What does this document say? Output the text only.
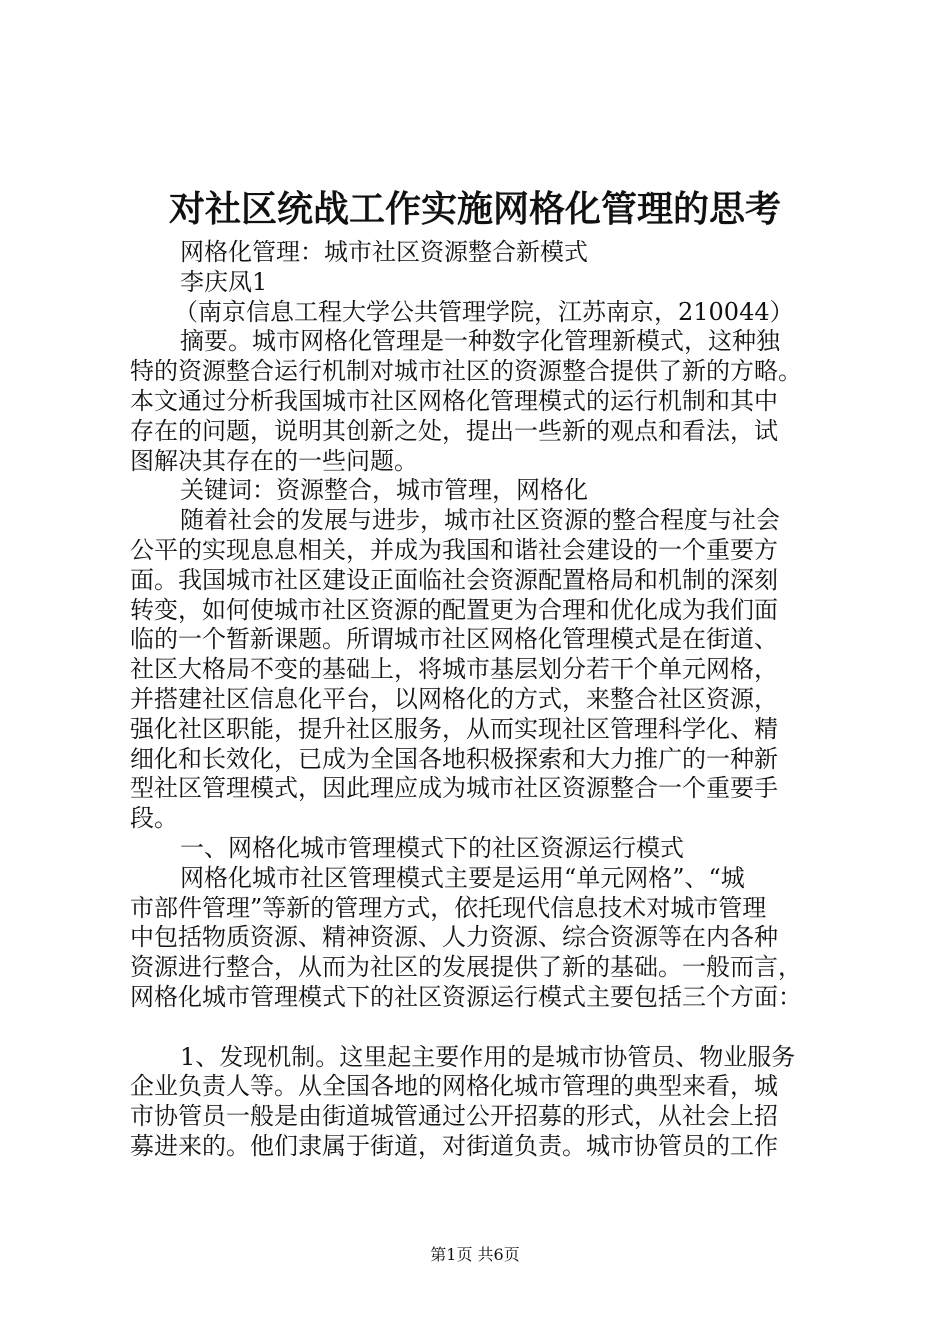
对社区统战工作实施网格化管理的思考
网格化管理：城市社区资源整合新模式
李庆凤1
（南京信息工程大学公共管理学院，江苏南京，210044）
摘要。城市网格化管理是一种数字化管理新模式，这种独
特的资源整合运行机制对城市社区的资源整合提供了新的方略。
本文通过分析我国城市社区网格化管理模式的运行机制和其中
存在的问题，说明其创新之处，提出一些新的观点和看法，试
图解决其存在的一些问题。
关键词：资源整合，城市管理，网格化
随着社会的发展与进步，城市社区资源的整合程度与社会
公平的实现息息相关，并成为我国和谐社会建设的一个重要方
面。我国城市社区建设正面临社会资源配置格局和机制的深刻
转变，如何使城市社区资源的配置更为合理和优化成为我们面
临的一个暂新课题。所谓城市社区网格化管理模式是在街道、
社区大格局不变的基础上，将城市基层划分若干个单元网格，
并搭建社区信息化平台，以网格化的方式，来整合社区资源，
强化社区职能，提升社区服务，从而实现社区管理科学化、精
细化和长效化，已成为全国各地积极探索和大力推广的一种新
型社区管理模式，因此理应成为城市社区资源整合一个重要手
段。
一、网格化城市管理模式下的社区资源运行模式
网格化城市社区管理模式主要是运用“单元网格”、“城
市部件管理”等新的管理方式，依托现代信息技术对城市管理
中包括物质资源、精神资源、人力资源、综合资源等在内各种
资源进行整合，从而为社区的发展提供了新的基础。一般而言，
网格化城市管理模式下的社区资源运行模式主要包括三个方面：
1、发现机制。这里起主要作用的是城市协管员、物业服务
企业负责人等。从全国各地的网格化城市管理的典型来看，城
市协管员一般是由街道城管通过公开招募的形式，从社会上招
募进来的。他们隶属于街道，对街道负责。城市协管员的工作
第1页 共6页
